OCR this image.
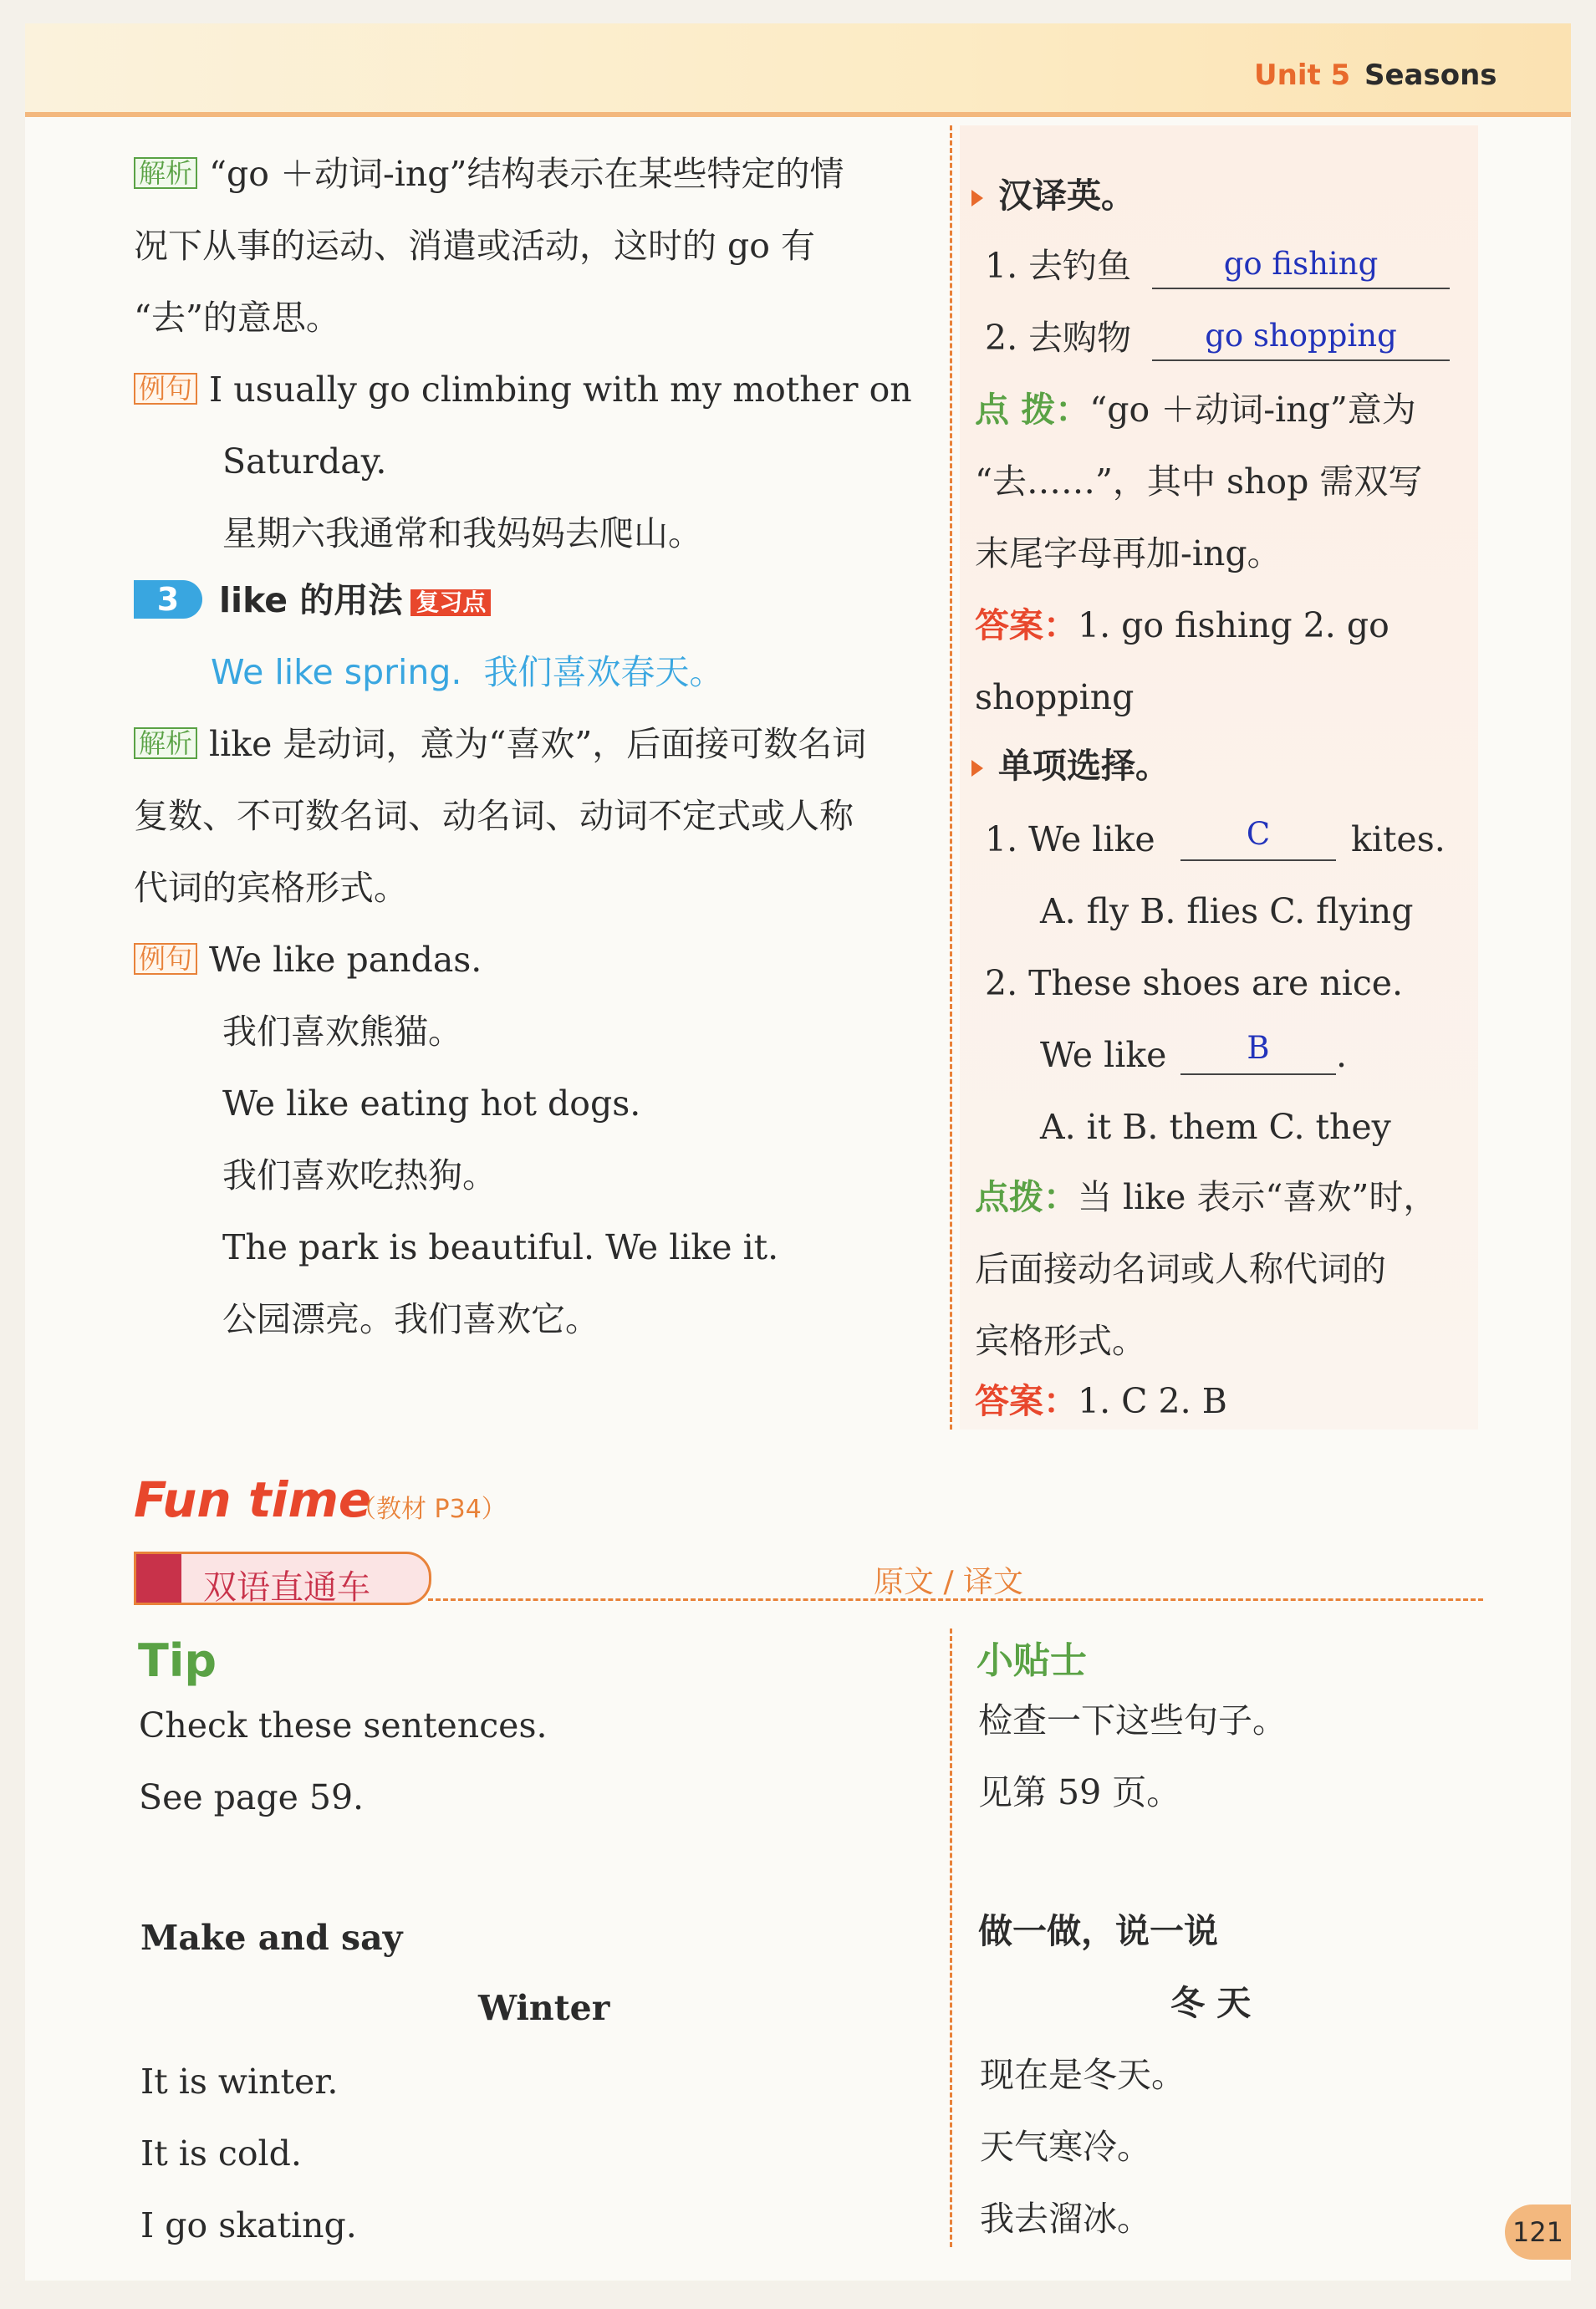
Unit 5 Seasons
解析 “go ＋动词-ing”结构表示在某些特定的情
况下从事的运动、消遣或活动，这时的 go 有
“去”的意思。
例句 I usually go climbing with my mother on
Saturday.
星期六我通常和我妈妈去爬山。
3	like 的用法 复习点
We like spring. 我们喜欢春天。
解析 like 是动词，意为“喜欢”，后面接可数名词
复数、不可数名词、动名词、动词不定式或人称
代词的宾格形式。
例句 We like pandas.
我们喜欢熊猫。
We like eating hot dogs.
我们喜欢吃热狗。
The park is beautiful. We like it.
公园漂亮。我们喜欢它。
汉译英。
1. 去钓鱼	go fishing
2. 去购物	go shopping
点 拨：“go ＋动词-ing”意为
“去……”，其中 shop 需双写
末尾字母再加-ing。
答案：1. go fishing 2. go
shopping
单项选择。
1. We like	C	kites.
A. fly B. flies C. flying
2. These shoes are nice.
We like	B	.
A. it B. them C. they
点拨：当 like 表示“喜欢”时，
后面接动名词或人称代词的
宾格形式。
答案：1. C 2. B
Fun time
（教材 P34）
双语直通车	原文 / 译文
Tip
Check these sentences.
See page 59.
小贴士
检查一下这些句子。
见第 59 页。
Make and say
Winter
It is winter.
It is cold.
I go skating.
做一做，说一说
冬 天
现在是冬天。
天气寒冷。
我去溜冰。	121
